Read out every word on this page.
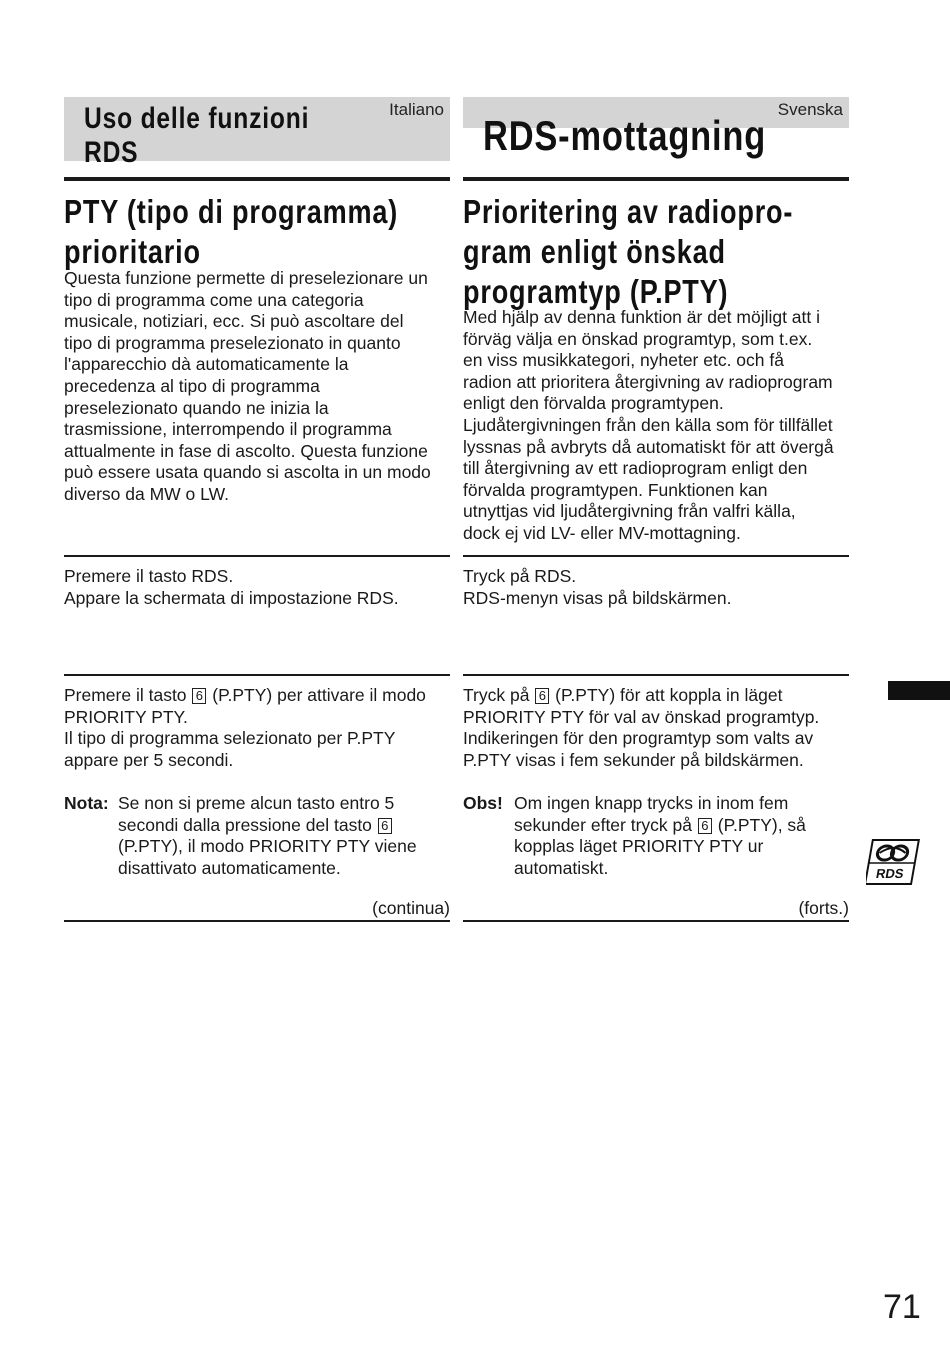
Italiano
Uso delle funzioni
RDS
PTY (tipo di programma)
prioritario
Questa funzione permette di preselezionare un
tipo di programma come una categoria
musicale, notiziari, ecc. Si può ascoltare del
tipo di programma preselezionato in quanto
l'apparecchio dà automaticamente la
precedenza al tipo di programma
preselezionato quando ne inizia la
trasmissione, interrompendo il programma
attualmente in fase di ascolto. Questa funzione
può essere usata quando si ascolta in un modo
diverso da MW o LW.
Premere il tasto RDS.
Appare la schermata di impostazione RDS.
Premere il tasto 6 (P.PTY) per attivare il modo
PRIORITY PTY.
Il tipo di programma selezionato per P.PTY
appare per 5 secondi.
Nota: Se non si preme alcun tasto entro 5
secondi dalla pressione del tasto 6
(P.PTY), il modo PRIORITY PTY viene
disattivato automaticamente.
(continua)
Svenska
RDS-mottagning
Prioritering av radiopro-
gram enligt önskad
programtyp (P.PTY)
Med hjälp av denna funktion är det möjligt att i
förväg välja en önskad programtyp, som t.ex.
en viss musikkategori, nyheter etc. och få
radion att prioritera återgivning av radioprogram
enligt den förvalda programtypen.
Ljudåtergivningen från den källa som för tillfället
lyssnas på avbryts då automatiskt för att övergå
till återgivning av ett radioprogram enligt den
förvalda programtypen. Funktionen kan
utnyttjas vid ljudåtergivning från valfri källa,
dock ej vid LV- eller MV-mottagning.
Tryck på RDS.
RDS-menyn visas på bildskärmen.
Tryck på 6 (P.PTY) för att koppla in läget
PRIORITY PTY för val av önskad programtyp.
Indikeringen för den programtyp som valts av
P.PTY visas i fem sekunder på bildskärmen.
Obs! Om ingen knapp trycks in inom fem
sekunder efter tryck på 6 (P.PTY), så
kopplas läget PRIORITY PTY ur
automatiskt.
(forts.)
RDS
71
